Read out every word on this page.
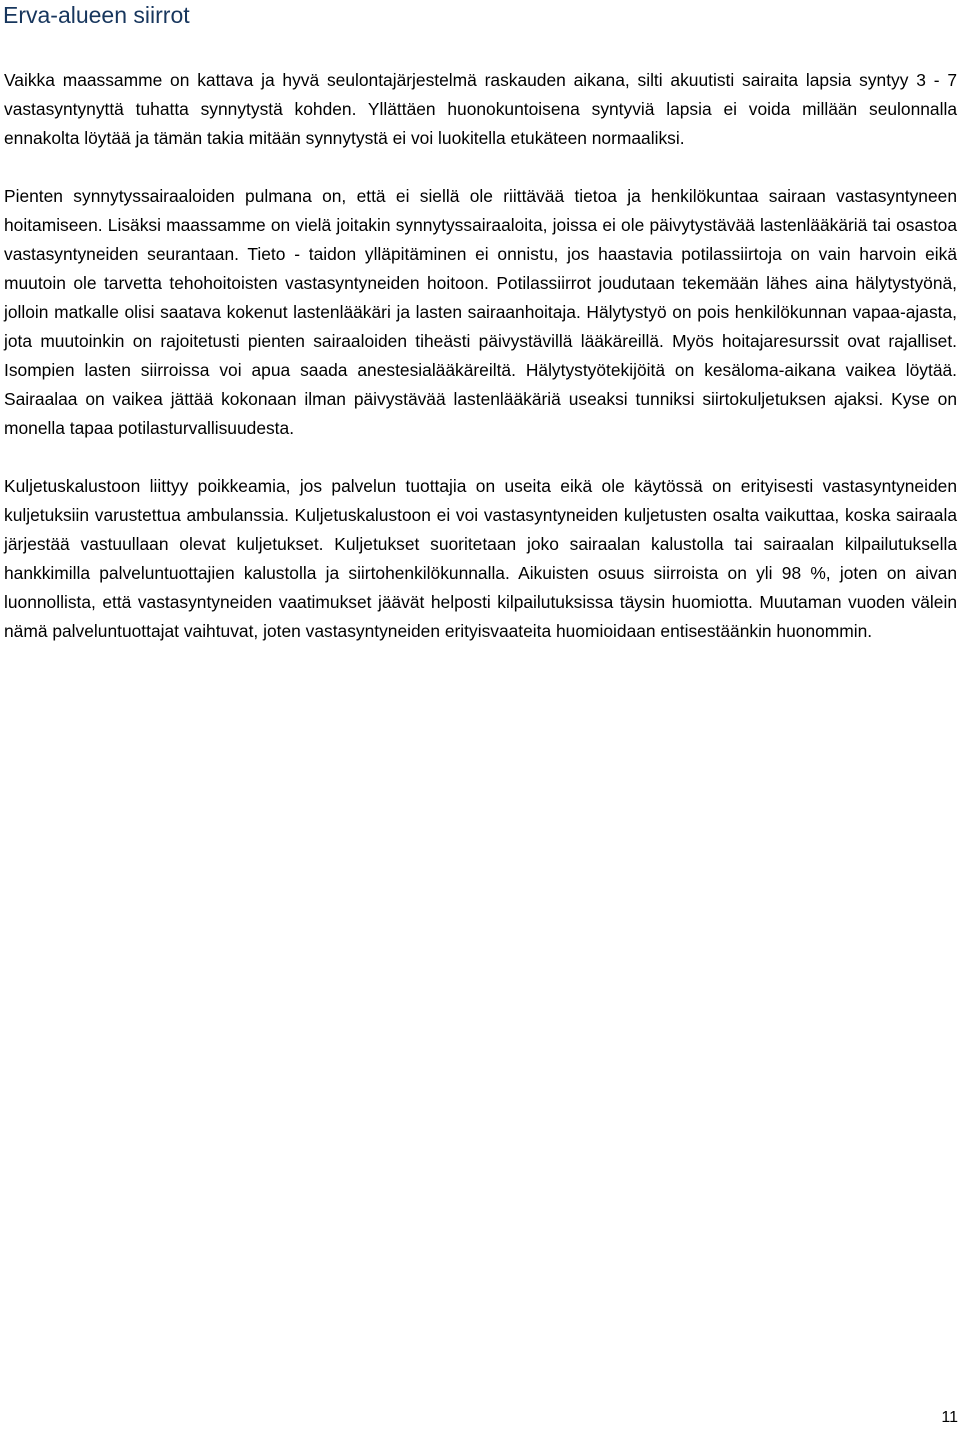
Erva-alueen siirrot

Vaikka maassamme on kattava ja hyvä seulontajärjestelmä raskauden aikana, silti akuutisti sairaita lapsia syntyy 3 - 7 vastasyntynyttä tuhatta synnytystä kohden. Yllättäen huonokuntoisena syntyviä lapsia ei voida millään seulonnalla ennakolta löytää ja tämän takia mitään synnytystä ei voi luokitella etukäteen normaaliksi.

Pienten synnytyssairaaloiden pulmana on, että ei siellä ole riittävää tietoa ja henkilökuntaa sairaan vastasyntyneen hoitamiseen. Lisäksi maassamme on vielä joitakin synnytyssairaaloita, joissa ei ole päivytystävää lastenlääkäriä tai osastoa vastasyntyneiden seurantaan. Tieto - taidon ylläpitäminen ei onnistu, jos haastavia potilassiirtoja on vain harvoin eikä muutoin ole tarvetta tehohoitoisten vastasyntyneiden hoitoon. Potilassiirrot joudutaan tekemään lähes aina hälytystyönä, jolloin matkalle olisi saatava kokenut lastenlääkäri ja lasten sairaanhoitaja. Hälytystyö on pois henkilökunnan vapaa-ajasta, jota muutoinkin on rajoitetusti pienten sairaaloiden tiheästi päivystävillä lääkäreillä. Myös hoitajaresurssit ovat rajalliset. Isompien lasten siirroissa voi apua saada anestesialääkäreiltä. Hälytystyötekijöitä on kesäloma-aikana vaikea löytää. Sairaalaa on vaikea jättää kokonaan ilman päivystävää lastenlääkäriä useaksi tunniksi siirtokuljetuksen ajaksi. Kyse on monella tapaa potilasturvallisuudesta.

Kuljetuskalustoon liittyy poikkeamia, jos palvelun tuottajia on useita eikä ole käytössä on erityisesti vastasyntyneiden kuljetuksiin varustettua ambulanssia. Kuljetuskalustoon ei voi vastasyntyneiden kuljetusten osalta vaikuttaa, koska sairaala järjestää vastuullaan olevat kuljetukset. Kuljetukset suoritetaan joko sairaalan kalustolla tai sairaalan kilpailutuksella hankkimilla palveluntuottajien kalustolla ja siirtohenkilökunnalla. Aikuisten osuus siirroista on yli 98 %, joten on aivan luonnollista, että vastasyntyneiden vaatimukset jäävät helposti kilpailutuksissa täysin huomiotta. Muutaman vuoden välein nämä palveluntuottajat vaihtuvat, joten vastasyntyneiden erityisvaateita huomioidaan entisestäänkin huonommin.

11
